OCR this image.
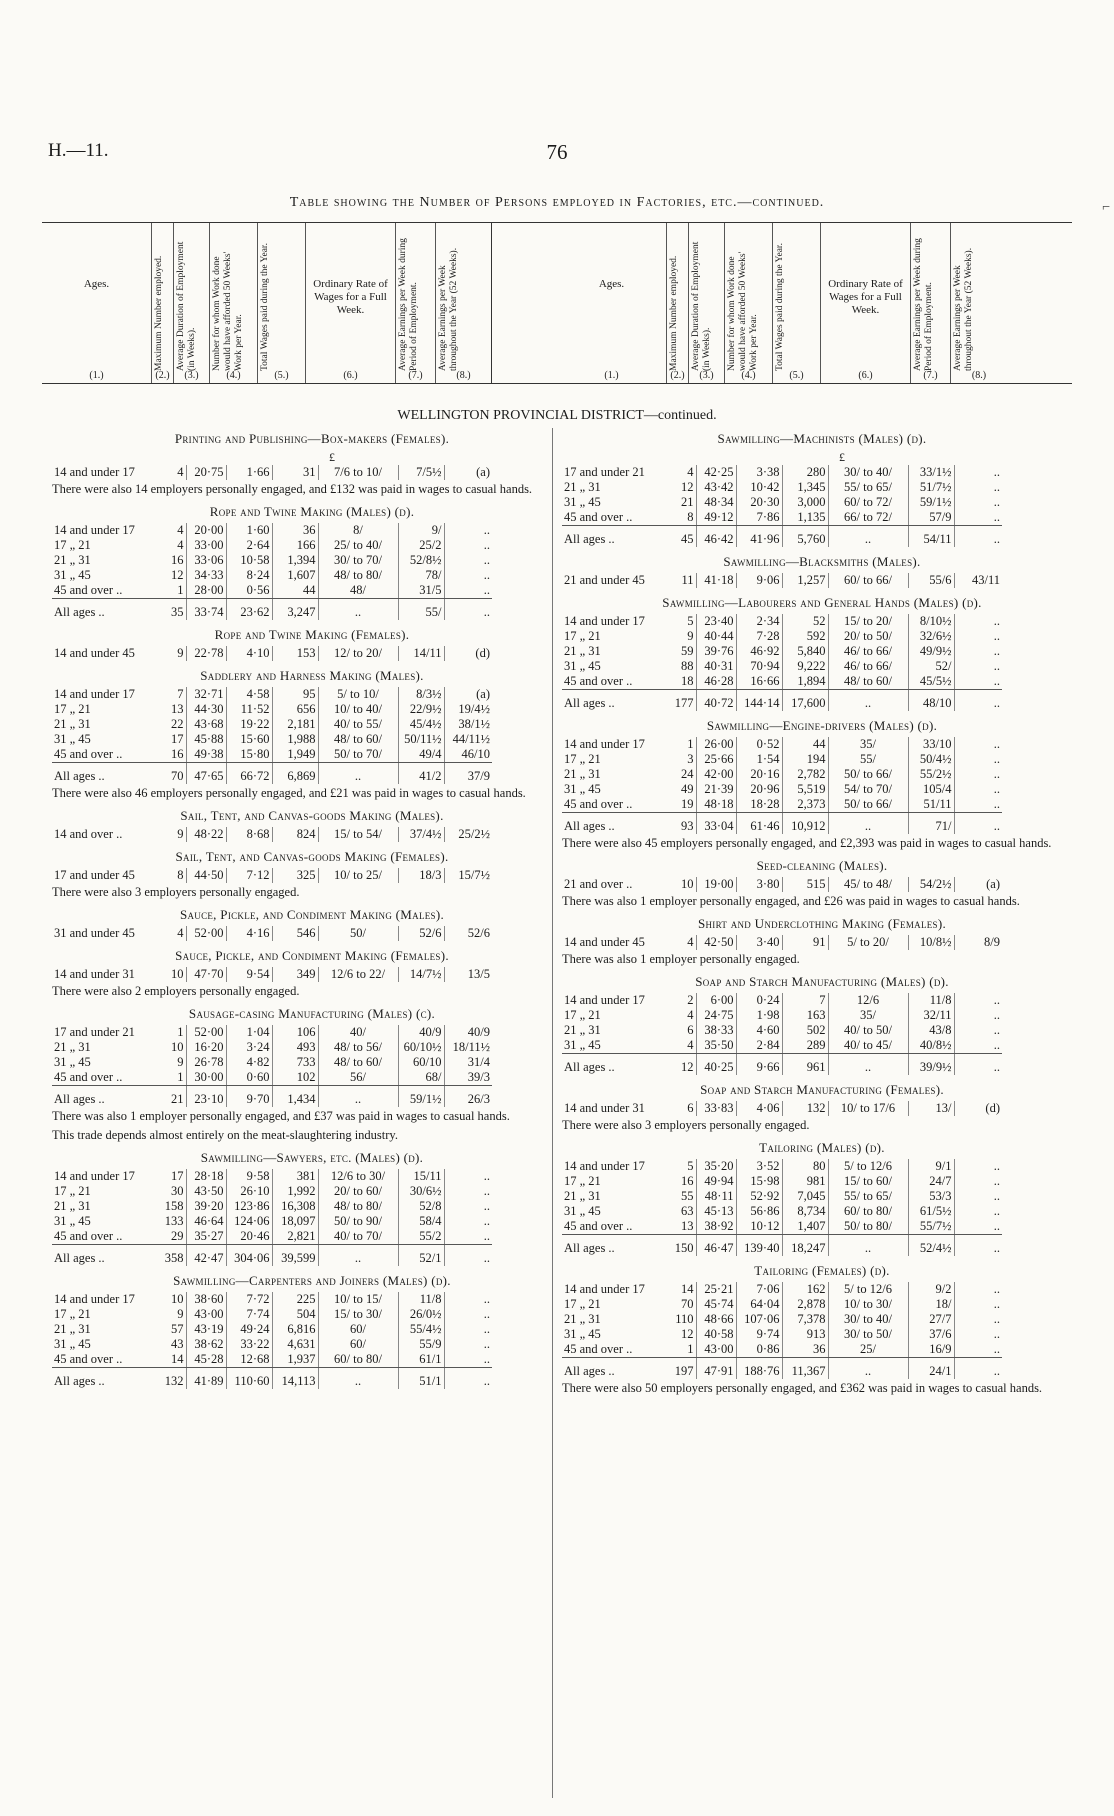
H.—11.	76
Table showing the Number of Persons employed in Factories, etc.—continued.
Ages.
(1.)
Maximum Number employed.
(2.)
Average Duration of Employment (in Weeks).
(3.)
Number for whom Work done would have afforded 50 Weeks' Work per Year.
(4.)
Total Wages paid during the Year.
(5.)
Ordinary Rate of Wages for a Full Week.
(6.)
Average Earnings per Week during Period of Employment.
(7.)
Average Earnings per Week throughout the Year (52 Weeks).
(8.)
Ages.
(1.)
Maximum Number employed.
(2.)
Average Duration of Employment (in Weeks).
(3.)
Number for whom Work done would have afforded 50 Weeks' Work per Year.
(4.)
Total Wages paid during the Year.
(5.)
Ordinary Rate of Wages for a Full Week.
(6.)
Average Earnings per Week during Period of Employment.
(7.)
Average Earnings per Week throughout the Year (52 Weeks).
(8.)
WELLINGTON PROVINCIAL DISTRICT—continued.
Printing and Publishing—Box-makers (Females).
£
14 and under 17	4	20·75	1·66	31	7/6 to 10/	7/5½	(a)
There were also 14 employers personally engaged, and £132 was paid in wages to casual hands.
Rope and Twine Making (Males) (d).
14 and under 17	4	20·00	1·60	36	8/	9/	..
17 „ 21	4	33·00	2·64	166	25/ to 40/	25/2	..
21 „ 31	16	33·06	10·58	1,394	30/ to 70/	52/8½	..
31 „ 45	12	34·33	8·24	1,607	48/ to 80/	78/	..
45 and over ..	1	28·00	0·56	44	48/	31/5	..
All ages ..	35	33·74	23·62	3,247	..	55/	..
Rope and Twine Making (Females).
14 and under 45	9	22·78	4·10	153	12/ to 20/	14/11	(d)
Saddlery and Harness Making (Males).
14 and under 17	7	32·71	4·58	95	5/ to 10/	8/3½	(a)
17 „ 21	13	44·30	11·52	656	10/ to 40/	22/9½	19/4½
21 „ 31	22	43·68	19·22	2,181	40/ to 55/	45/4½	38/1½
31 „ 45	17	45·88	15·60	1,988	48/ to 60/	50/11½	44/11½
45 and over ..	16	49·38	15·80	1,949	50/ to 70/	49/4	46/10
All ages ..	70	47·65	66·72	6,869	..	41/2	37/9
There were also 46 employers personally engaged, and £21 was paid in wages to casual hands.
Sail, Tent, and Canvas-goods Making (Males).
14 and over ..	9	48·22	8·68	824	15/ to 54/	37/4½	25/2½
Sail, Tent, and Canvas-goods Making (Females).
17 and under 45	8	44·50	7·12	325	10/ to 25/	18/3	15/7½
There were also 3 employers personally engaged.
Sauce, Pickle, and Condiment Making (Males).
31 and under 45	4	52·00	4·16	546	50/	52/6	52/6
Sauce, Pickle, and Condiment Making (Females).
14 and under 31	10	47·70	9·54	349	12/6 to 22/	14/7½	13/5
There were also 2 employers personally engaged.
Sausage-casing Manufacturing (Males) (c).
17 and under 21	1	52·00	1·04	106	40/	40/9	40/9
21 „ 31	10	16·20	3·24	493	48/ to 56/	60/10½	18/11½
31 „ 45	9	26·78	4·82	733	48/ to 60/	60/10	31/4
45 and over ..	1	30·00	0·60	102	56/	68/	39/3
All ages ..	21	23·10	9·70	1,434	..	59/1½	26/3
There was also 1 employer personally engaged, and £37 was paid in wages to casual hands.
This trade depends almost entirely on the meat-slaughtering industry.
Sawmilling—Sawyers, etc. (Males) (d).
14 and under 17	17	28·18	9·58	381	12/6 to 30/	15/11	..
17 „ 21	30	43·50	26·10	1,992	20/ to 60/	30/6½	..
21 „ 31	158	39·20	123·86	16,308	48/ to 80/	52/8	..
31 „ 45	133	46·64	124·06	18,097	50/ to 90/	58/4	..
45 and over ..	29	35·27	20·46	2,821	40/ to 70/	55/2	..
All ages ..	358	42·47	304·06	39,599	..	52/1	..
Sawmilling—Carpenters and Joiners (Males) (d).
14 and under 17	10	38·60	7·72	225	10/ to 15/	11/8	..
17 „ 21	9	43·00	7·74	504	15/ to 30/	26/0½	..
21 „ 31	57	43·19	49·24	6,816	60/	55/4½	..
31 „ 45	43	38·62	33·22	4,631	60/	55/9	..
45 and over ..	14	45·28	12·68	1,937	60/ to 80/	61/1	..
All ages ..	132	41·89	110·60	14,113	..	51/1	..
Sawmilling—Machinists (Males) (d).
£
17 and under 21	4	42·25	3·38	280	30/ to 40/	33/1½	..
21 „ 31	12	43·42	10·42	1,345	55/ to 65/	51/7½	..
31 „ 45	21	48·34	20·30	3,000	60/ to 72/	59/1½	..
45 and over ..	8	49·12	7·86	1,135	66/ to 72/	57/9	..
All ages ..	45	46·42	41·96	5,760	..	54/11	..
Sawmilling—Blacksmiths (Males).
21 and under 45	11	41·18	9·06	1,257	60/ to 66/	55/6	43/11
Sawmilling—Labourers and General Hands (Males) (d).
14 and under 17	5	23·40	2·34	52	15/ to 20/	8/10½	..
17 „ 21	9	40·44	7·28	592	20/ to 50/	32/6½	..
21 „ 31	59	39·76	46·92	5,840	46/ to 66/	49/9½	..
31 „ 45	88	40·31	70·94	9,222	46/ to 66/	52/	..
45 and over ..	18	46·28	16·66	1,894	48/ to 60/	45/5½	..
All ages ..	177	40·72	144·14	17,600	..	48/10	..
Sawmilling—Engine-drivers (Males) (d).
14 and under 17	1	26·00	0·52	44	35/	33/10	..
17 „ 21	3	25·66	1·54	194	55/	50/4½	..
21 „ 31	24	42·00	20·16	2,782	50/ to 66/	55/2½	..
31 „ 45	49	21·39	20·96	5,519	54/ to 70/	105/4	..
45 and over ..	19	48·18	18·28	2,373	50/ to 66/	51/11	..
All ages ..	93	33·04	61·46	10,912	..	71/	..
There were also 45 employers personally engaged, and £2,393 was paid in wages to casual hands.
Seed-cleaning (Males).
21 and over ..	10	19·00	3·80	515	45/ to 48/	54/2½	(a)
There was also 1 employer personally engaged, and £26 was paid in wages to casual hands.
Shirt and Underclothing Making (Females).
14 and under 45	4	42·50	3·40	91	5/ to 20/	10/8½	8/9
There was also 1 employer personally engaged.
Soap and Starch Manufacturing (Males) (d).
14 and under 17	2	6·00	0·24	7	12/6	11/8	..
17 „ 21	4	24·75	1·98	163	35/	32/11	..
21 „ 31	6	38·33	4·60	502	40/ to 50/	43/8	..
31 „ 45	4	35·50	2·84	289	40/ to 45/	40/8½	..
All ages ..	12	40·25	9·66	961	..	39/9½	..
Soap and Starch Manufacturing (Females).
14 and under 31	6	33·83	4·06	132	10/ to 17/6	13/	(d)
There were also 3 employers personally engaged.
Tailoring (Males) (d).
14 and under 17	5	35·20	3·52	80	5/ to 12/6	9/1	..
17 „ 21	16	49·94	15·98	981	15/ to 60/	24/7	..
21 „ 31	55	48·11	52·92	7,045	55/ to 65/	53/3	..
31 „ 45	63	45·13	56·86	8,734	60/ to 80/	61/5½	..
45 and over ..	13	38·92	10·12	1,407	50/ to 80/	55/7½	..
All ages ..	150	46·47	139·40	18,247	..	52/4½	..
Tailoring (Females) (d).
14 and under 17	14	25·21	7·06	162	5/ to 12/6	9/2	..
17 „ 21	70	45·74	64·04	2,878	10/ to 30/	18/	..
21 „ 31	110	48·66	107·06	7,378	30/ to 40/	27/7	..
31 „ 45	12	40·58	9·74	913	30/ to 50/	37/6	..
45 and over ..	1	43·00	0·86	36	25/	16/9	..
All ages ..	197	47·91	188·76	11,367	..	24/1	..
There were also 50 employers personally engaged, and £362 was paid in wages to casual hands.
⌐
